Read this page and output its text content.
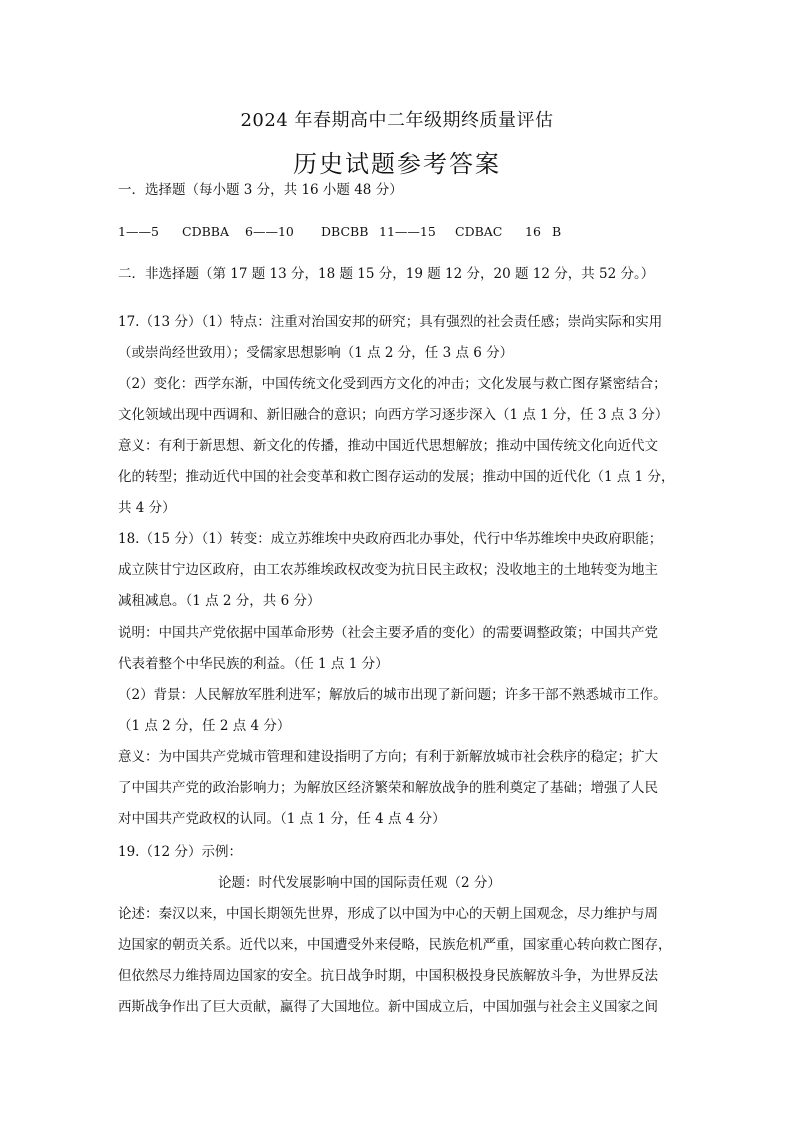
2024 年春期高中二年级期终质量评估
历史试题参考答案
一．选择题（每小题 3 分，共 16 小题 48 分）
1——5 CDBBA 6——10 DBCBB 11——15 CDBAC 16 B
二．非选择题（第 17 题 13 分，18 题 15 分，19 题 12 分，20 题 12 分，共 52 分。）
17.（13 分）（1）特点：注重对治国安邦的研究；具有强烈的社会责任感；崇尚实际和实用
（或崇尚经世致用）；受儒家思想影响（1 点 2 分，任 3 点 6 分）
（2）变化：西学东渐，中国传统文化受到西方文化的冲击；文化发展与救亡图存紧密结合；
文化领域出现中西调和、新旧融合的意识；向西方学习逐步深入（1 点 1 分，任 3 点 3 分）
意义：有利于新思想、新文化的传播，推动中国近代思想解放；推动中国传统文化向近代文
化的转型；推动近代中国的社会变革和救亡图存运动的发展；推动中国的近代化（1 点 1 分，
共 4 分）
18.（15 分）（1）转变：成立苏维埃中央政府西北办事处，代行中华苏维埃中央政府职能；
成立陕甘宁边区政府，由工农苏维埃政权改变为抗日民主政权；没收地主的土地转变为地主
减租减息。（1 点 2 分，共 6 分）
说明：中国共产党依据中国革命形势（社会主要矛盾的变化）的需要调整政策；中国共产党
代表着整个中华民族的利益。（任 1 点 1 分）
（2）背景：人民解放军胜利进军；解放后的城市出现了新问题；许多干部不熟悉城市工作。
（1 点 2 分，任 2 点 4 分）
意义：为中国共产党城市管理和建设指明了方向；有利于新解放城市社会秩序的稳定；扩大
了中国共产党的政治影响力；为解放区经济繁荣和解放战争的胜利奠定了基础；增强了人民
对中国共产党政权的认同。（1 点 1 分，任 4 点 4 分）
19.（12 分）示例：
论题：时代发展影响中国的国际责任观（2 分）
论述：秦汉以来，中国长期领先世界，形成了以中国为中心的天朝上国观念，尽力维护与周
边国家的朝贡关系。近代以来，中国遭受外来侵略，民族危机严重，国家重心转向救亡图存，
但依然尽力维持周边国家的安全。抗日战争时期，中国积极投身民族解放斗争，为世界反法
西斯战争作出了巨大贡献，赢得了大国地位。新中国成立后，中国加强与社会主义国家之间
